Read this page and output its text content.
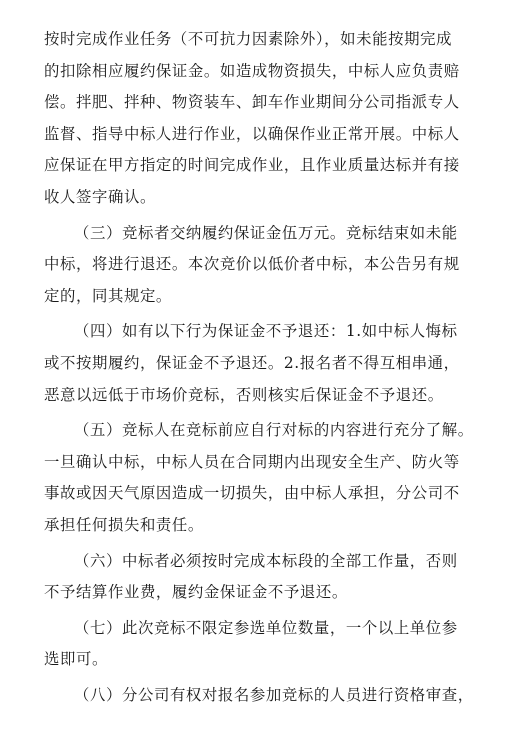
按时完成作业任务（不可抗力因素除外），如未能按期完成
的扣除相应履约保证金。如造成物资损失，中标人应负责赔
偿。拌肥、拌种、物资装车、卸车作业期间分公司指派专人
监督、指导中标人进行作业，以确保作业正常开展。中标人
应保证在甲方指定的时间完成作业，且作业质量达标并有接
收人签字确认。
（三）竞标者交纳履约保证金伍万元。竞标结束如未能
中标，将进行退还。本次竞价以低价者中标，本公告另有规
定的，同其规定。
（四）如有以下行为保证金不予退还：1.如中标人悔标
或不按期履约，保证金不予退还。2.报名者不得互相串通，
恶意以远低于市场价竞标，否则核实后保证金不予退还。
（五）竞标人在竞标前应自行对标的内容进行充分了解。
一旦确认中标，中标人员在合同期内出现安全生产、防火等
事故或因天气原因造成一切损失，由中标人承担，分公司不
承担任何损失和责任。
（六）中标者必须按时完成本标段的全部工作量，否则
不予结算作业费，履约金保证金不予退还。
（七）此次竞标不限定参选单位数量，一个以上单位参
选即可。
（八）分公司有权对报名参加竞标的人员进行资格审查，
